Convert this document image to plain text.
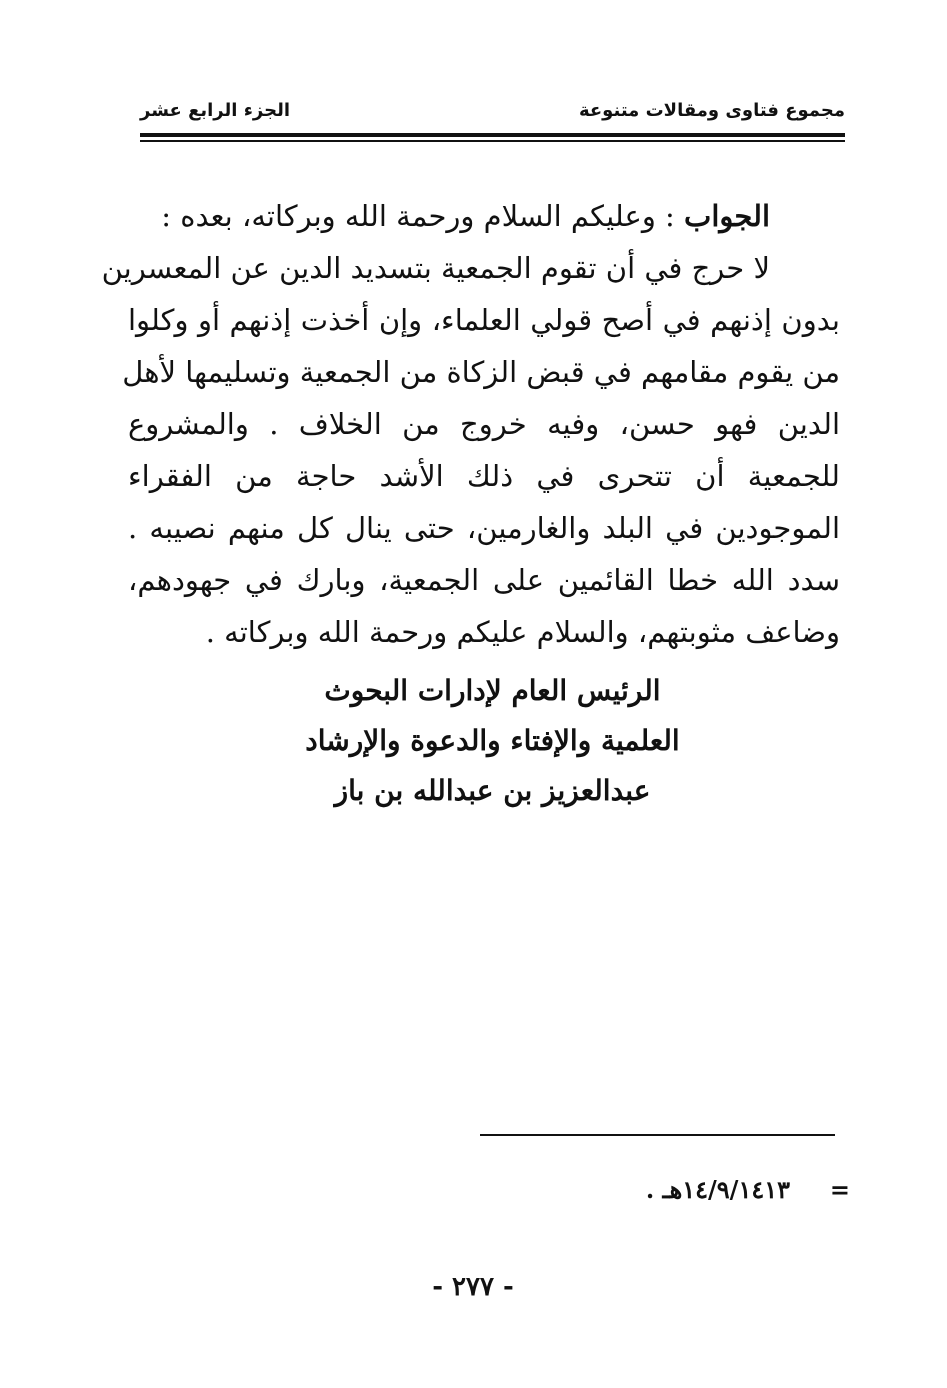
مجموع فتاوى ومقالات متنوعة
الجزء الرابع عشر
الجواب : وعليكم السلام ورحمة الله وبركاته، بعده :
لا حرج في أن تقوم الجمعية بتسديد الدين عن المعسرين
بدون إذنهم في أصح قولي العلماء، وإن أخذت إذنهم أو وكلوا
من يقوم مقامهم في قبض الزكاة من الجمعية وتسليمها لأهل
الدين فهو حسن، وفيه خروج من الخلاف . والمشروع
للجمعية أن تتحرى في ذلك الأشد حاجة من الفقراء
الموجودين في البلد والغارمين، حتى ينال كل منهم نصيبه .
سدد الله خطا القائمين على الجمعية، وبارك في جهودهم،
وضاعف مثوبتهم، والسلام عليكم ورحمة الله وبركاته .
الرئيس العام لإدارات البحوث
العلمية والإفتاء والدعوة والإرشاد
عبدالعزيز بن عبدالله بن باز
=
١٤/٩/١٤١٣هـ .
- ٢٧٧ -
